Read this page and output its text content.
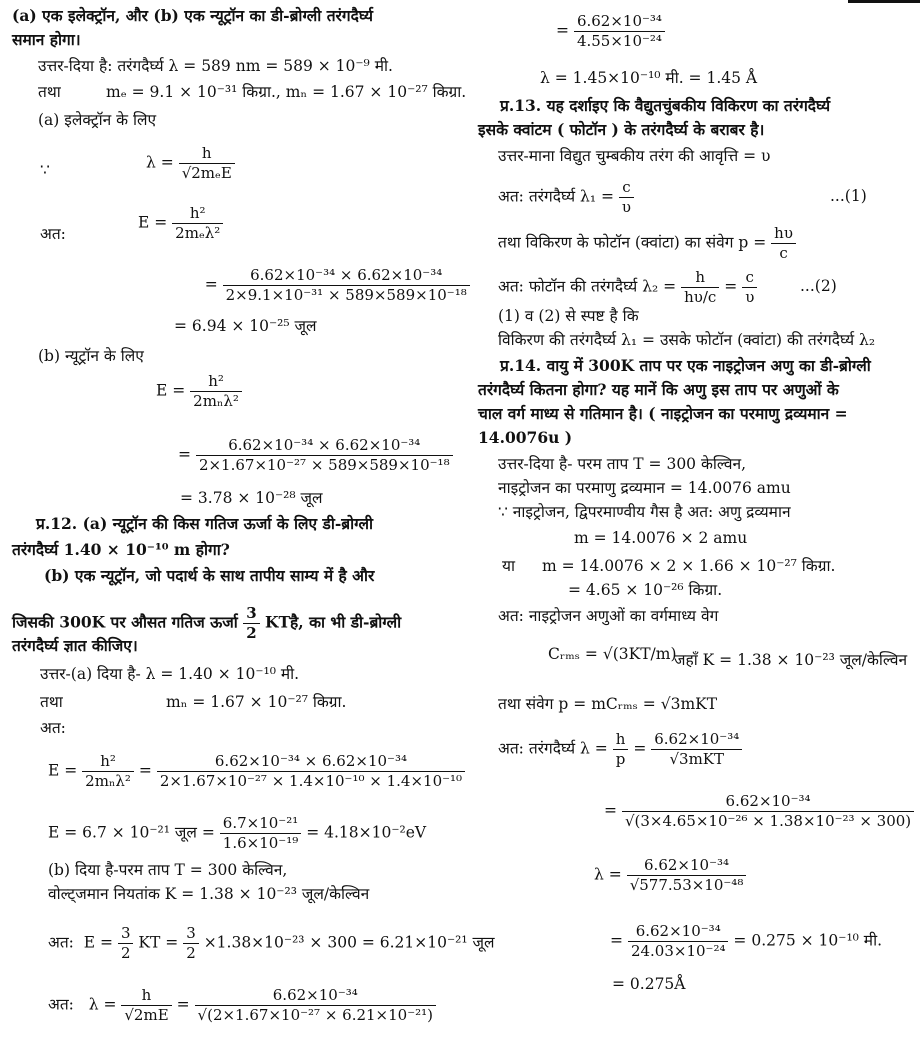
(a) एक इलेक्ट्रॉन, और (b) एक न्यूट्रॉन का डी-ब्रोग्ली तरंगदैर्घ्य
समान होगा।
उत्तर-दिया है: तरंगदैर्घ्य λ = 589 nm = 589 × 10⁻⁹ मी.
तथा	mₑ = 9.1 × 10⁻³¹ किग्रा., mₙ = 1.67 × 10⁻²⁷ किग्रा.
(a) इलेक्ट्रॉन के लिए
∵	$\lambda = \frac{h}{\text{√2mₑE}}$
अत:
$E = \frac{\text{h²}}{\text{2mₑλ²}}$
= $\frac{\text{6.62×10⁻³⁴ × 6.62×10⁻³⁴}}{\text{2×9.1×10⁻³¹ × 589×589×10⁻¹⁸}}$
= 6.94 × 10⁻²⁵ जूल
(b) न्यूट्रॉन के लिए
$E = \frac{\text{h²}}{\text{2mₙλ²}}$
= $\frac{\text{6.62×10⁻³⁴ × 6.62×10⁻³⁴}}{\text{2×1.67×10⁻²⁷ × 589×589×10⁻¹⁸}}$
= 3.78 × 10⁻²⁸ जूल
प्र.12. (a) न्यूट्रॉन की किस गतिज ऊर्जा के लिए डी-ब्रोग्ली
तरंगदैर्घ्य 1.40 × 10⁻¹⁰ m होगा?
(b) एक न्यूट्रॉन, जो पदार्थ के साथ तापीय साम्य में है और
जिसकी 300K पर औसत गतिज ऊर्जा $\frac{3}{2}$ KTहै, का भी डी-ब्रोग्ली
तरंगदैर्घ्य ज्ञात कीजिए।
उत्तर-(a) दिया है- λ = 1.40 × 10⁻¹⁰ मी.
तथा	mₙ = 1.67 × 10⁻²⁷ किग्रा.
अत:
$E = \frac{\text{h²}}{\text{2mₙλ²}} = \frac{\text{6.62×10⁻³⁴ × 6.62×10⁻³⁴}}{\text{2×1.67×10⁻²⁷ × 1.4×10⁻¹⁰ × 1.4×10⁻¹⁰}}$
E = 6.7 × 10⁻²¹ जूल = $\frac{\text{6.7×10⁻²¹}}{\text{1.6×10⁻¹⁹}} = 4.18\times 10^{-2}eV$
(b) दिया है-परम ताप T = 300 केल्विन,
वोल्ट्जमान नियतांक K = 1.38 × 10⁻²³ जूल/केल्विन
अत: $E = \frac{3}{2}$ KT = $\frac{3}{2} \times 1.38\times 10^{-23} \times 300 = 6.21\times 10^{-21}$ जूल
अत: $\lambda = \frac{h}{√2mE} = \frac{\text{6.62×10⁻³⁴}}{\text{√(2×1.67×10⁻²⁷ × 6.21×10⁻²¹)}}$
= $\frac{\text{6.62×10⁻³⁴}}{\text{4.55×10⁻²⁴}}$
λ = 1.45×10⁻¹⁰ मी. = 1.45 Å
प्र.13. यह दर्शाइए कि वैद्युतचुंबकीय विकिरण का तरंगदैर्घ्य
इसके क्वांटम ( फोटॉन ) के तरंगदैर्घ्य के बराबर है।
उत्तर-माना विद्युत चुम्बकीय तरंग की आवृत्ति = υ
अत: तरंगदैर्घ्य $\lambda_1 = \frac{c}{\upsilon}$	...(1)
तथा विकिरण के फोटॉन (क्वांटा) का संवेग $p = \frac{h\upsilon}{c}$
अत: फोटॉन की तरंगदैर्घ्य $\lambda_2 = \frac{h}{h\upsilon/c} = \frac{c}{\upsilon}$	...(2)
(1) व (2) से स्पष्ट है कि
विकिरण की तरंगदैर्घ्य λ₁ = उसके फोटॉन (क्वांटा) की तरंगदैर्घ्य λ₂
प्र.14. वायु में 300K ताप पर एक नाइट्रोजन अणु का डी-ब्रोग्ली
तरंगदैर्घ्य कितना होगा? यह मानें कि अणु इस ताप पर अणुओं के
चाल वर्ग माध्य से गतिमान है। ( नाइट्रोजन का परमाणु द्रव्यमान =
14.0076u )
उत्तर-दिया है- परम ताप T = 300 केल्विन,
नाइट्रोजन का परमाणु द्रव्यमान = 14.0076 amu
∵ नाइट्रोजन, द्विपरमाण्वीय गैस है अत: अणु द्रव्यमान
m = 14.0076 × 2 amu
या m = 14.0076 × 2 × 1.66 × 10⁻²⁷ किग्रा.
= 4.65 × 10⁻²⁶ किग्रा.
अत: नाइट्रोजन अणुओं का वर्गमाध्य वेग
Cᵣₘₛ = √(3KT/m)
जहाँ K = 1.38 × 10⁻²³ जूल/केल्विन
तथा संवेग p = mCᵣₘₛ = √3mKT
अत: तरंगदैर्घ्य $\lambda = \frac{h}{p} = \frac{\text{6.62×10⁻³⁴}}{\text{√3mKT}}$
= $\frac{\text{6.62×10⁻³⁴}}{\text{√(3×4.65×10⁻²⁶ × 1.38×10⁻²³ × 300)}}$
$\lambda = \frac{\text{6.62×10⁻³⁴}}{\text{√577.53×10⁻⁴⁸}}$
= $\frac{\text{6.62×10⁻³⁴}}{\text{24.03×10⁻²⁴}} = 0.275 \times 10^{-10}$ मी.
= 0.275Å
